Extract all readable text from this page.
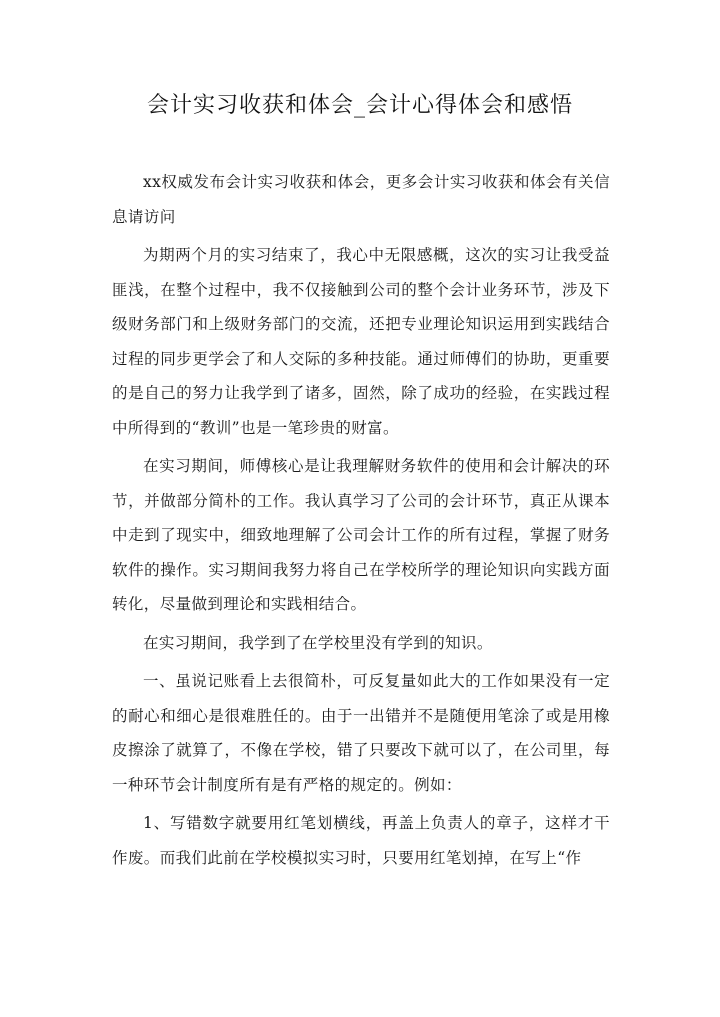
会计实习收获和体会_会计心得体会和感悟

xx权威发布会计实习收获和体会，更多会计实习收获和体会有关信息请访问

为期两个月的实习结束了，我心中无限感概，这次的实习让我受益匪浅，在整个过程中，我不仅接触到公司的整个会计业务环节，涉及下级财务部门和上级财务部门的交流，还把专业理论知识运用到实践结合过程的同步更学会了和人交际的多种技能。通过师傅们的协助，更重要的是自己的努力让我学到了诸多，固然，除了成功的经验，在实践过程中所得到的“教训”也是一笔珍贵的财富。

在实习期间，师傅核心是让我理解财务软件的使用和会计解决的环节，并做部分简朴的工作。我认真学习了公司的会计环节，真正从课本中走到了现实中，细致地理解了公司会计工作的所有过程，掌握了财务软件的操作。实习期间我努力将自己在学校所学的理论知识向实践方面转化，尽量做到理论和实践相结合。

在实习期间，我学到了在学校里没有学到的知识。

一、虽说记账看上去很简朴，可反复量如此大的工作如果没有一定的耐心和细心是很难胜任的。由于一出错并不是随便用笔涂了或是用橡皮擦涂了就算了，不像在学校，错了只要改下就可以了，在公司里，每一种环节会计制度所有是有严格的规定的。例如：

1、写错数字就要用红笔划横线，再盖上负责人的章子，这样才干作废。而我们此前在学校模拟实习时，只要用红笔划掉，在写上“作
